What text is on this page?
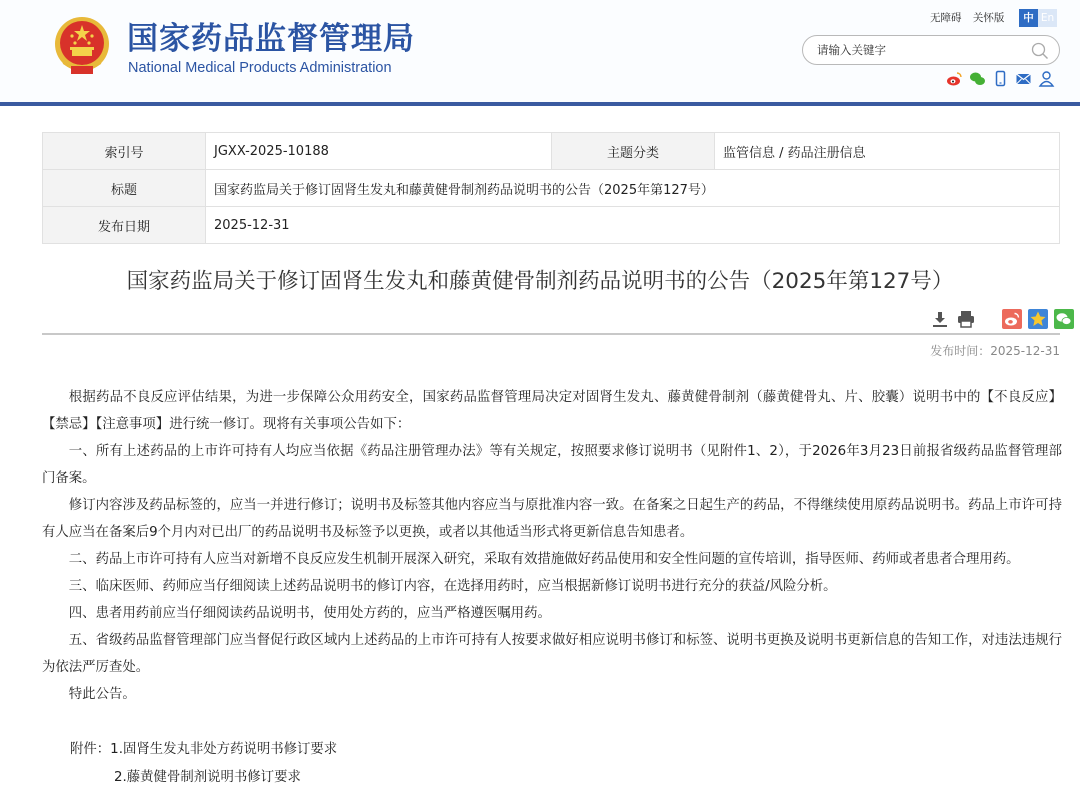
国家药品监督管理局
National Medical Products Administration
无障碍 关怀版	中 En
请输入关键字
索引号	JGXX-2025-10188	主题分类	监管信息 / 药品注册信息
标题	国家药监局关于修订固肾生发丸和藤黄健骨制剂药品说明书的公告（2025年第127号）		
发布日期	2025-12-31		
国家药监局关于修订固肾生发丸和藤黄健骨制剂药品说明书的公告（2025年第127号）
发布时间：2025-12-31

根据药品不良反应评估结果，为进一步保障公众用药安全，国家药品监督管理局决定对固肾生发丸、藤黄健骨制剂（藤黄健骨丸、片、胶囊）说明书中的【不良反应】【禁忌】【注意事项】进行统一修订。现将有关事项公告如下：

一、所有上述药品的上市许可持有人均应当依据《药品注册管理办法》等有关规定，按照要求修订说明书（见附件1、2），于2026年3月23日前报省级药品监督管理部门备案。

修订内容涉及药品标签的，应当一并进行修订；说明书及标签其他内容应当与原批准内容一致。在备案之日起生产的药品，不得继续使用原药品说明书。药品上市许可持有人应当在备案后9个月内对已出厂的药品说明书及标签予以更换，或者以其他适当形式将更新信息告知患者。

二、药品上市许可持有人应当对新增不良反应发生机制开展深入研究，采取有效措施做好药品使用和安全性问题的宣传培训，指导医师、药师或者患者合理用药。

三、临床医师、药师应当仔细阅读上述药品说明书的修订内容，在选择用药时，应当根据新修订说明书进行充分的获益/风险分析。

四、患者用药前应当仔细阅读药品说明书，使用处方药的，应当严格遵医嘱用药。

五、省级药品监督管理部门应当督促行政区域内上述药品的上市许可持有人按要求做好相应说明书修订和标签、说明书更换及说明书更新信息的告知工作，对违法违规行为依法严厉查处。

特此公告。

附件：1.固肾生发丸非处方药说明书修订要求
2.藤黄健骨制剂说明书修订要求
